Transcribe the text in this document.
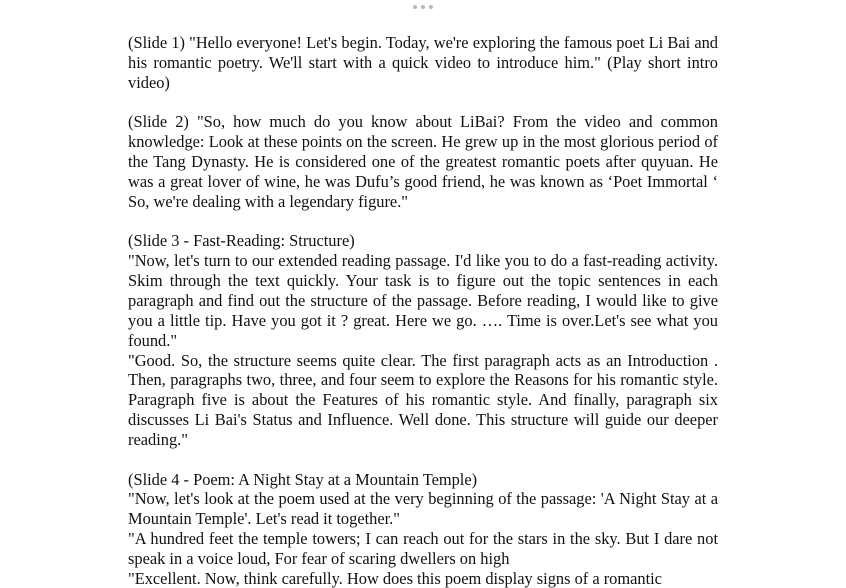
(Slide 1) "Hello everyone! Let's begin. Today, we're exploring the famous poet Li Bai and his romantic poetry. We'll start with a quick video to introduce him." (Play short intro video)

(Slide 2) "So, how much do you know about LiBai? From the video and common knowledge: Look at these points on the screen. He grew up in the most glorious period of the Tang Dynasty. He is considered one of the greatest romantic poets after quyuan. He was a great lover of wine, he was Dufu’s good friend, he was known as ‘Poet Immortal ‘ So, we're dealing with a legendary figure."

(Slide 3 - Fast-Reading: Structure)

"Now, let's turn to our extended reading passage. I'd like you to do a fast-reading activity. Skim through the text quickly. Your task is to figure out the topic sentences in each paragraph and find out the structure of the passage. Before reading, I would like to give you a little tip. Have you got it ? great. Here we go. …. Time is over.Let's see what you found."

"Good. So, the structure seems quite clear. The first paragraph acts as an Introduction . Then, paragraphs two, three, and four seem to explore the Reasons for his romantic style. Paragraph five is about the Features of his romantic style. And finally, paragraph six discusses Li Bai's Status and Influence. Well done. This structure will guide our deeper reading."

(Slide 4 - Poem: A Night Stay at a Mountain Temple)

"Now, let's look at the poem used at the very beginning of the passage: 'A Night Stay at a Mountain Temple'. Let's read it together."

"A hundred feet the temple towers; I can reach out for the stars in the sky. But I dare not speak in a voice loud, For fear of scaring dwellers on high

"Excellent. Now, think carefully. How does this poem display signs of a romantic
